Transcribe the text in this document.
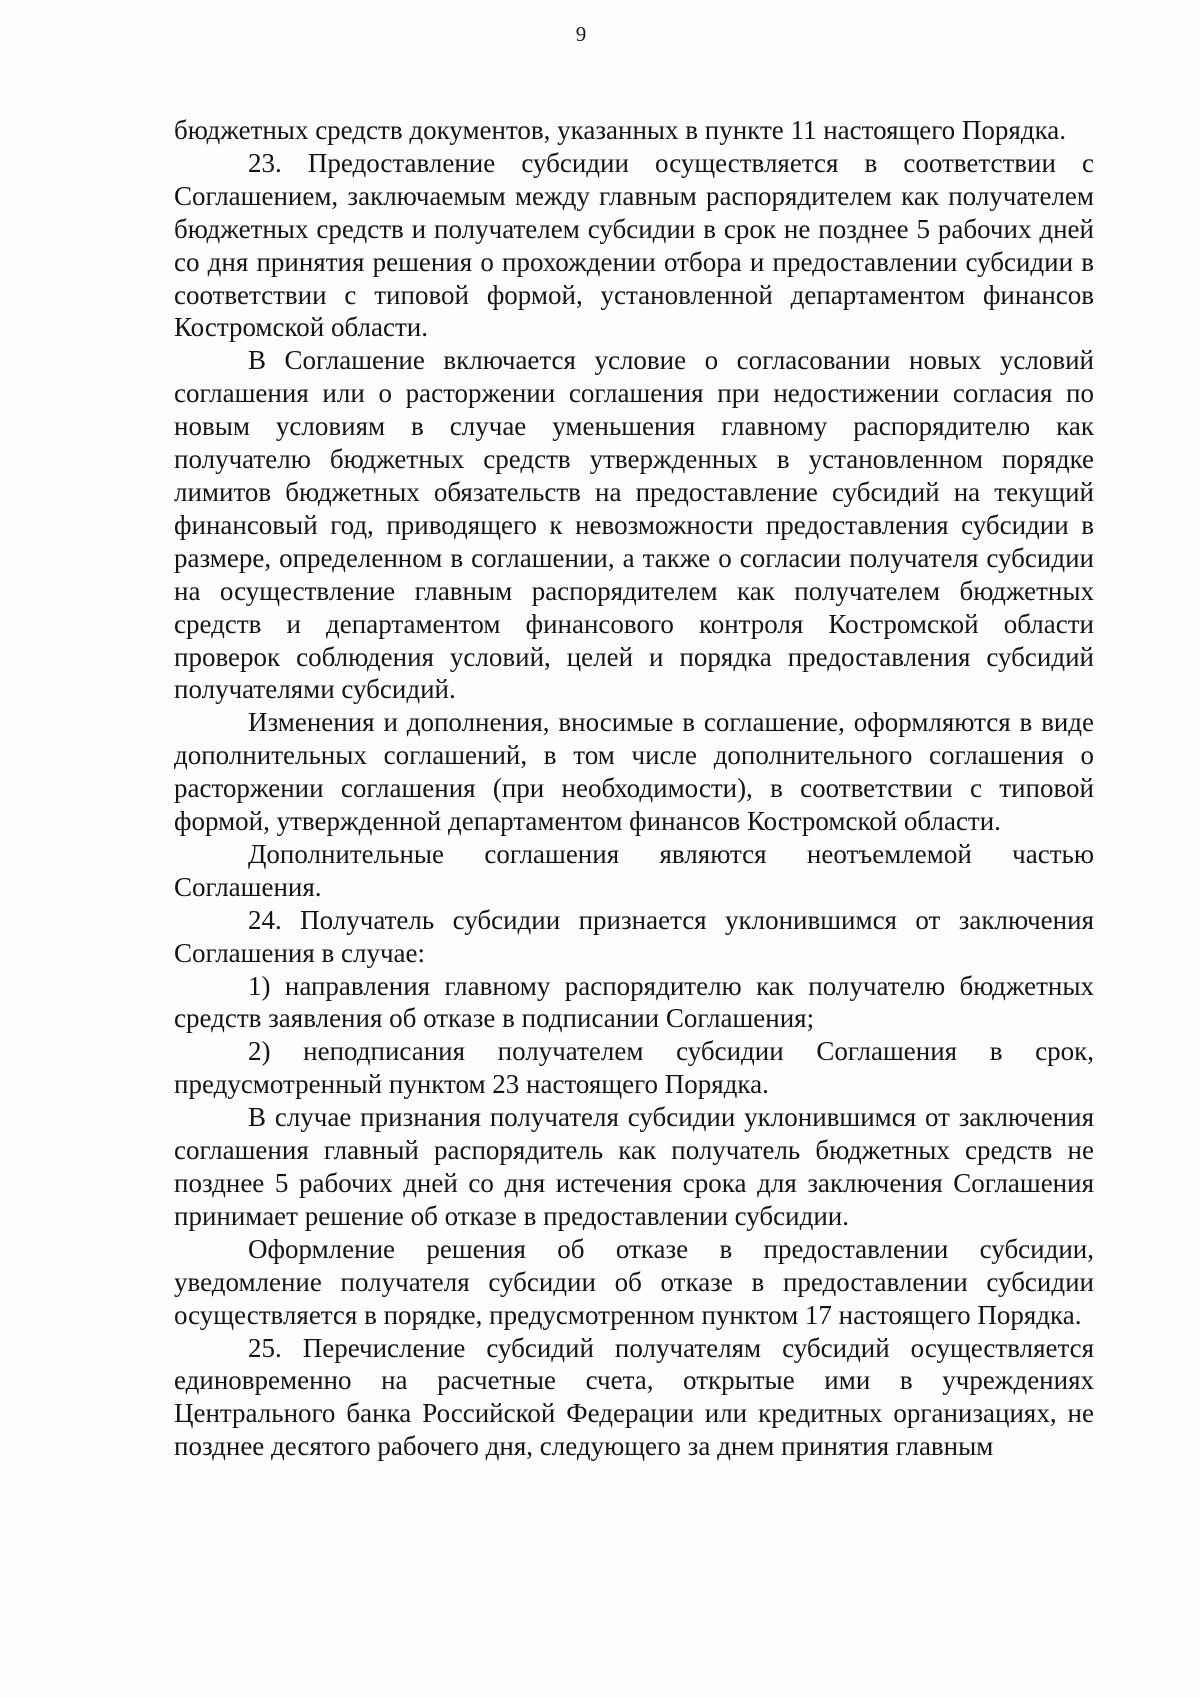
9

бюджетных средств документов, указанных в пункте 11 настоящего Порядка.

23. Предоставление субсидии осуществляется в соответствии с Соглашением, заключаемым между главным распорядителем как получателем бюджетных средств и получателем субсидии в срок не позднее 5 рабочих дней со дня принятия решения о прохождении отбора и предоставлении субсидии в соответствии с типовой формой, установленной департаментом финансов Костромской области.

В Соглашение включается условие о согласовании новых условий соглашения или о расторжении соглашения при недостижении согласия по новым условиям в случае уменьшения главному распорядителю как получателю бюджетных средств утвержденных в установленном порядке лимитов бюджетных обязательств на предоставление субсидий на текущий финансовый год, приводящего к невозможности предоставления субсидии в размере, определенном в соглашении, а также о согласии получателя субсидии на осуществление главным распорядителем как получателем бюджетных средств и департаментом финансового контроля Костромской области проверок соблюдения условий, целей и порядка предоставления субсидий получателями субсидий.

Изменения и дополнения, вносимые в соглашение, оформляются в виде дополнительных соглашений, в том числе дополнительного соглашения о расторжении соглашения (при необходимости), в соответствии с типовой формой, утвержденной департаментом финансов Костромской области.

Дополнительные соглашения являются неотъемлемой частью Соглашения.

24. Получатель субсидии признается уклонившимся от заключения Соглашения в случае:

1) направления главному распорядителю как получателю бюджетных средств заявления об отказе в подписании Соглашения;

2) неподписания получателем субсидии Соглашения в срок, предусмотренный пунктом 23 настоящего Порядка.

В случае признания получателя субсидии уклонившимся от заключения соглашения главный распорядитель как получатель бюджетных средств не позднее 5 рабочих дней со дня истечения срока для заключения Соглашения принимает решение об отказе в предоставлении субсидии.

Оформление решения об отказе в предоставлении субсидии, уведомление получателя субсидии об отказе в предоставлении субсидии осуществляется в порядке, предусмотренном пунктом 17 настоящего Порядка.

25. Перечисление субсидий получателям субсидий осуществляется единовременно на расчетные счета, открытые ими в учреждениях Центрального банка Российской Федерации или кредитных организациях, не позднее десятого рабочего дня, следующего за днем принятия главным
